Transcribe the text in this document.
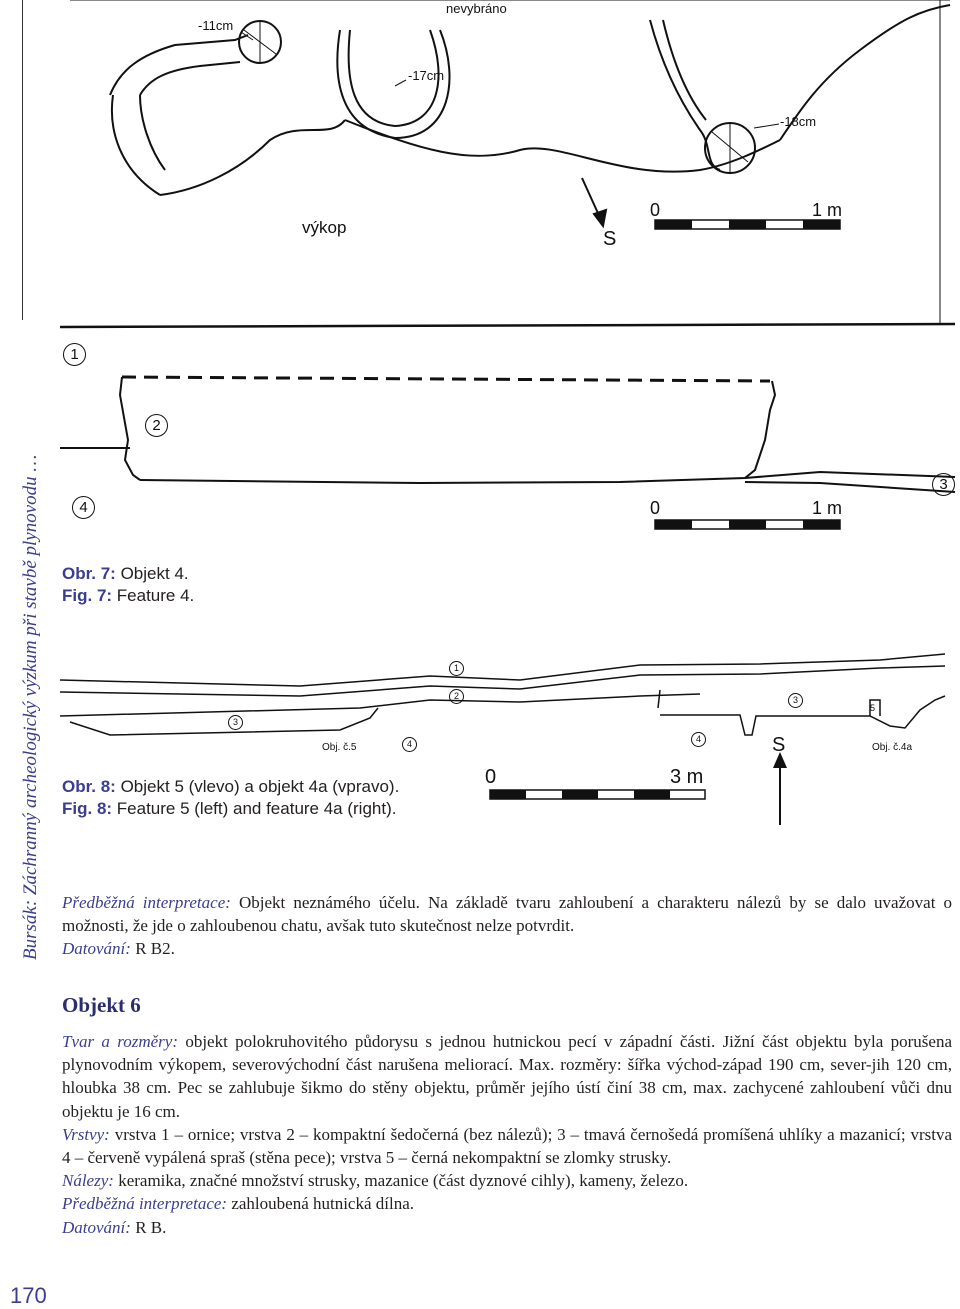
Bursák: Záchranný archeologický výzkum při stavbě plynovodu …
-11cm
-17cm
-18cm
nevybráno
výkop
S
0	1 m
1
2
3
4	0	1 m
Obr. 7: Objekt 4.
Fig. 7: Feature 4.
1
2
3
4
3
4
5
Obj. č.5	Obj. č.4a
S
0	3 m
Obr. 8: Objekt 5 (vlevo) a objekt 4a (vpravo).
Fig. 8: Feature 5 (left) and feature 4a (right).
Předběžná interpretace: Objekt neznámého účelu. Na základě tvaru zahloubení a charakteru nálezů by se dalo uvažovat o možnosti, že jde o zahloubenou chatu, avšak tuto skutečnost nelze potvrdit.
Datování: R B2.
Objekt 6
Tvar a rozměry: objekt polokruhovitého půdorysu s jednou hutnickou pecí v západní části. Jižní část objektu byla porušena plynovodním výkopem, severovýchodní část narušena meliorací. Max. rozměry: šířka východ-západ 190 cm, sever-jih 120 cm, hloubka 38 cm. Pec se zahlubuje šikmo do stěny objektu, průměr jejího ústí činí 38 cm, max. zachycené zahloubení vůči dnu objektu je 16 cm.
Vrstvy: vrstva 1 – ornice; vrstva 2 – kompaktní šedočerná (bez nálezů); 3 – tmavá černošedá promíšená uhlíky a mazanicí; vrstva 4 – červeně vypálená spraš (stěna pece); vrstva 5 – černá nekompaktní se zlomky strusky.
Nálezy: keramika, značné množství strusky, mazanice (část dyznové cihly), kameny, železo.
Předběžná interpretace: zahloubená hutnická dílna.
Datování: R B.
170
